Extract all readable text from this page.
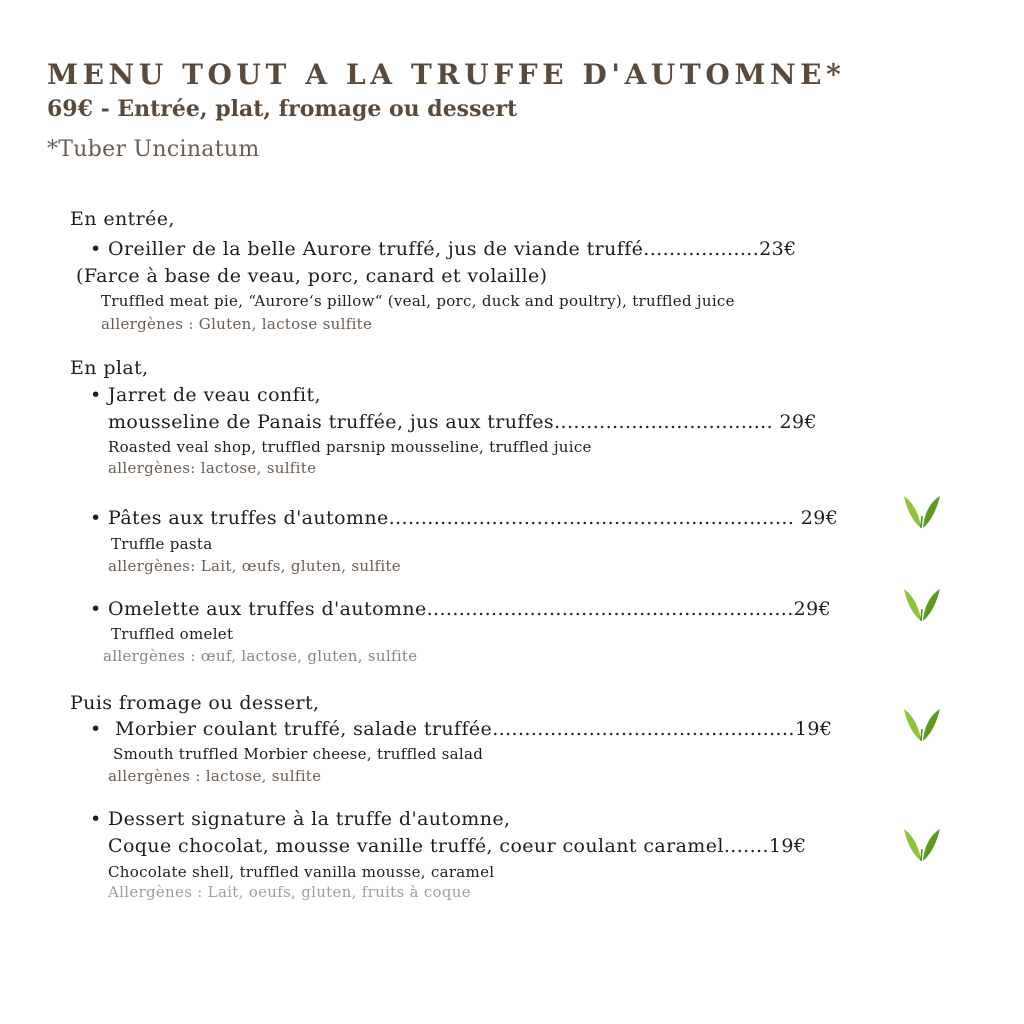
MENU TOUT A LA TRUFFE D'AUTOMNE*
69€ - Entrée, plat, fromage ou dessert
*Tuber Uncinatum
En entrée,
• Oreiller de la belle Aurore truffé, jus de viande truffé..................23€
(Farce à base de veau, porc, canard et volaille)
Truffled meat pie, “Aurore‘s pillow“ (veal, porc, duck and poultry), truffled juice
allergènes : Gluten, lactose sulfite
En plat,
• Jarret de veau confit,
mousseline de Panais truffée, jus aux truffes.................................. 29€
Roasted veal shop, truffled parsnip mousseline, truffled juice
allergènes: lactose, sulfite
• Pâtes aux truffes d'automne............................................................... 29€
Truffle pasta
allergènes: Lait, œufs, gluten, sulfite
• Omelette aux truffes d'automne.........................................................29€
Truffled omelet
allergènes : œuf, lactose, gluten, sulfite
Puis fromage ou dessert,
• Morbier coulant truffé, salade truffée...............................................19€
Smouth truffled Morbier cheese, truffled salad
allergènes : lactose, sulfite
• Dessert signature à la truffe d'automne,
Coque chocolat, mousse vanille truffé, coeur coulant caramel.......19€
Chocolate shell, truffled vanilla mousse, caramel
Allergènes : Lait, oeufs, gluten, fruits à coque
